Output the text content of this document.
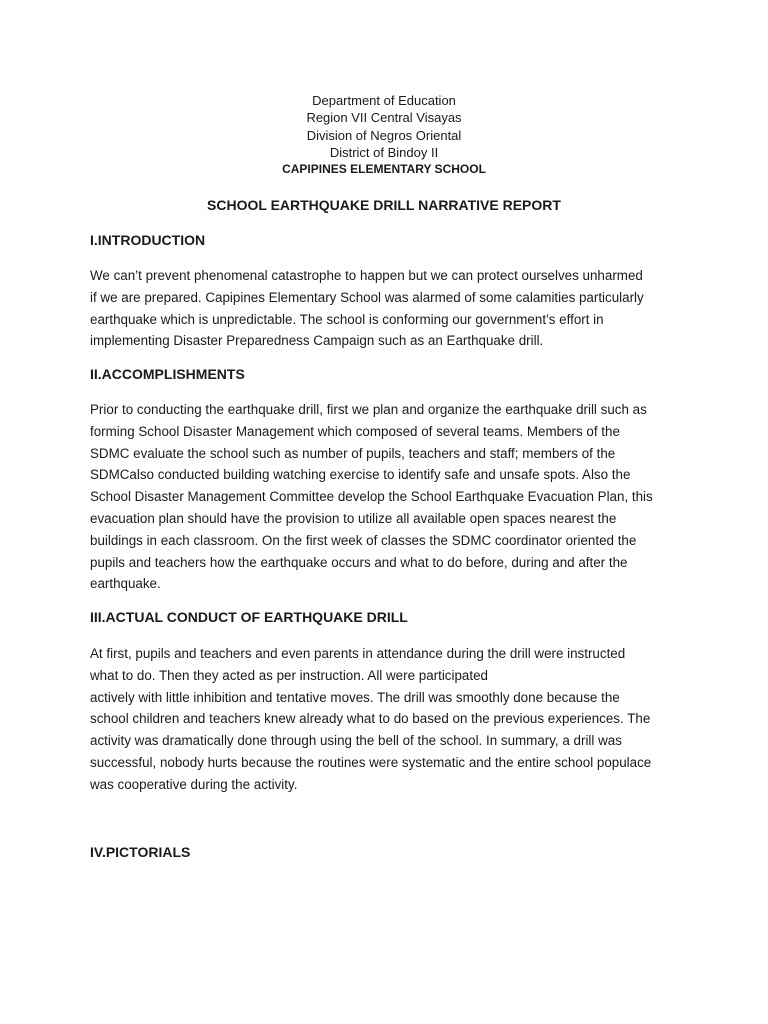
Department of Education
Region VII Central Visayas
Division of Negros Oriental
District of Bindoy II
CAPIPINES ELEMENTARY SCHOOL
SCHOOL EARTHQUAKE DRILL NARRATIVE REPORT
I.INTRODUCTION

We can’t prevent phenomenal catastrophe to happen but we can protect ourselves unharmed
if we are prepared. Capipines Elementary School was alarmed of some calamities particularly
earthquake which is unpredictable. The school is conforming our government’s effort in
implementing Disaster Preparedness Campaign such as an Earthquake drill.

II.ACCOMPLISHMENTS

Prior to conducting the earthquake drill, first we plan and organize the earthquake drill such as
forming School Disaster Management which composed of several teams. Members of the
SDMC evaluate the school such as number of pupils, teachers and staff; members of the
SDMCalso conducted building watching exercise to identify safe and unsafe spots. Also the
School Disaster Management Committee develop the School Earthquake Evacuation Plan, this
evacuation plan should have the provision to utilize all available open spaces nearest the
buildings in each classroom. On the first week of classes the SDMC coordinator oriented the
pupils and teachers how the earthquake occurs and what to do before, during and after the
earthquake.

III.ACTUAL CONDUCT OF EARTHQUAKE DRILL

At first, pupils and teachers and even parents in attendance during the drill were instructed
what to do. Then they acted as per instruction. All were participated
actively with little inhibition and tentative moves. The drill was smoothly done because the
school children and teachers knew already what to do based on the previous experiences. The
activity was dramatically done through using the bell of the school. In summary, a drill was
successful, nobody hurts because the routines were systematic and the entire school populace
was cooperative during the activity.

IV.PICTORIALS
